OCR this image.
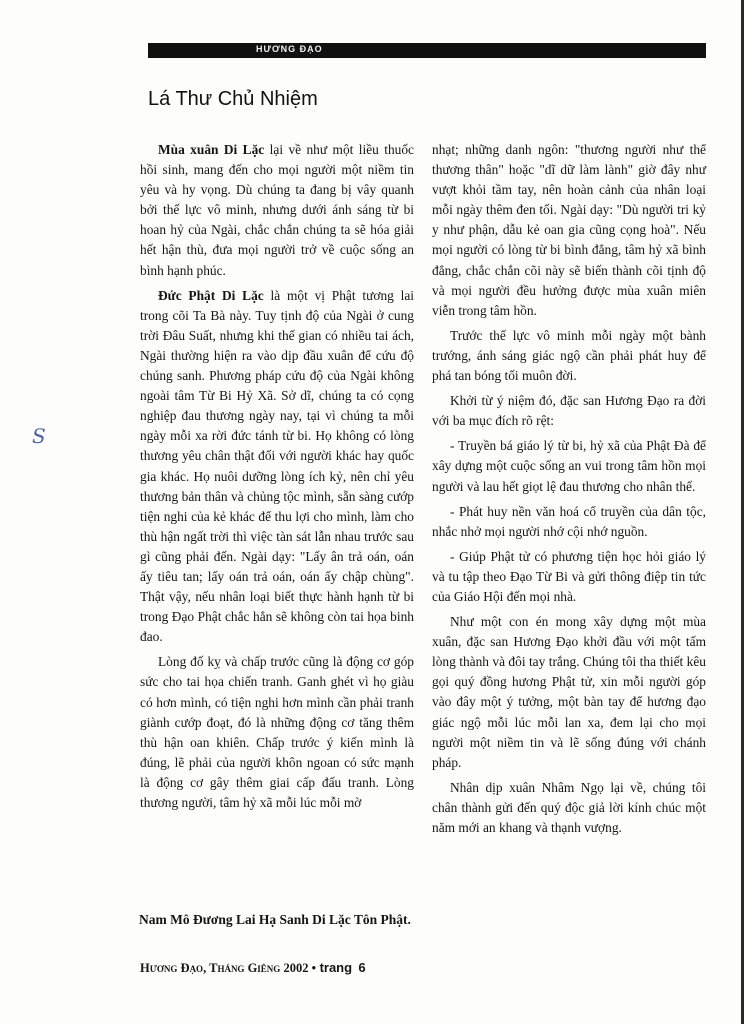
HƯƠNG ĐẠO
Lá Thư Chủ Nhiệm
S

Mùa xuân Di Lặc lại về như một liều thuốc hồi sinh, mang đến cho mọi người một niềm tin yêu và hy vọng. Dù chúng ta đang bị vây quanh bởi thế lực vô minh, nhưng dưới ánh sáng từ bi hoan hỷ của Ngài, chắc chắn chúng ta sẽ hóa giải hết hận thù, đưa mọi người trở về cuộc sống an bình hạnh phúc.

Đức Phật Di Lặc là một vị Phật tương lai trong cõi Ta Bà này. Tuy tịnh độ của Ngài ở cung trời Đâu Suất, nhưng khi thế gian có nhiều tai ách, Ngài thường hiện ra vào dịp đầu xuân để cứu độ chúng sanh. Phương pháp cứu độ của Ngài không ngoài tâm Từ Bi Hỷ Xã. Sở dĩ, chúng ta có cọng nghiệp đau thương ngày nay, tại vì chúng ta mỗi ngày mỗi xa rời đức tánh từ bi. Họ không có lòng thương yêu chân thật đối với người khác hay quốc gia khác. Họ nuôi dưỡng lòng ích kỷ, nên chỉ yêu thương bản thân và chủng tộc mình, sẵn sàng cướp tiện nghi của kẻ khác để thu lợi cho mình, làm cho thù hận ngất trời thì việc tàn sát lẫn nhau trước sau gì cũng phải đến. Ngài dạy: "Lấy ân trả oán, oán ấy tiêu tan; lấy oán trả oán, oán ấy chập chùng". Thật vậy, nếu nhân loại biết thực hành hạnh từ bi trong Đạo Phật chắc hẳn sẽ không còn tai họa binh đao.

Lòng đố kỵ và chấp trước cũng là động cơ góp sức cho tai họa chiến tranh. Ganh ghét vì họ giàu có hơn mình, có tiện nghi hơn mình cần phải tranh giành cướp đoạt, đó là những động cơ tăng thêm thù hận oan khiên. Chấp trước ý kiến mình là đúng, lẽ phải của người khôn ngoan có sức mạnh là động cơ gây thêm giai cấp đấu tranh. Lòng thương người, tâm hỷ xã mỗi lúc mỗi mờ

nhạt; những danh ngôn: "thương người như thể thương thân" hoặc "dĩ dữ làm lành" giờ đây như vượt khỏi tầm tay, nên hoàn cảnh của nhân loại mỗi ngày thêm đen tối. Ngài dạy: "Dù người tri kỷ y như phận, dẫu kẻ oan gia cũng cọng hoà". Nếu mọi người có lòng từ bi bình đẳng, tâm hỷ xã bình đẳng, chắc chắn cõi này sẽ biến thành cõi tịnh độ và mọi người đều hưởng được mùa xuân miên viễn trong tâm hồn.

Trước thế lực vô minh mỗi ngày một bành trướng, ánh sáng giác ngộ cần phải phát huy để phá tan bóng tối muôn đời.

Khởi từ ý niệm đó, đặc san Hương Đạo ra đời với ba mục đích rõ rệt:

- Truyền bá giáo lý từ bi, hỷ xã của Phật Đà để xây dựng một cuộc sống an vui trong tâm hồn mọi người và lau hết giọt lệ đau thương cho nhân thế.

- Phát huy nền văn hoá cổ truyền của dân tộc, nhắc nhở mọi người nhớ cội nhớ nguồn.

- Giúp Phật tử có phương tiện học hỏi giáo lý và tu tập theo Đạo Từ Bi và gửi thông điệp tin tức của Giáo Hội đến mọi nhà.

Như một con én mong xây dựng một mùa xuân, đặc san Hương Đạo khởi đầu với một tấm lòng thành và đôi tay trắng. Chúng tôi tha thiết kêu gọi quý đồng hương Phật tử, xin mỗi người góp vào đây một ý tưởng, một bàn tay để hương đạo giác ngộ mỗi lúc mỗi lan xa, đem lại cho mọi người một niềm tin và lẽ sống đúng với chánh pháp.

Nhân dịp xuân Nhâm Ngọ lại về, chúng tôi chân thành gửi đến quý độc giả lời kính chúc một năm mới an khang và thạnh vượng.

Nam Mô Đương Lai Hạ Sanh Di Lặc Tôn Phật.
HƯƠNG ĐẠO, THÁNG GIÊNG 2002 • trang 6
